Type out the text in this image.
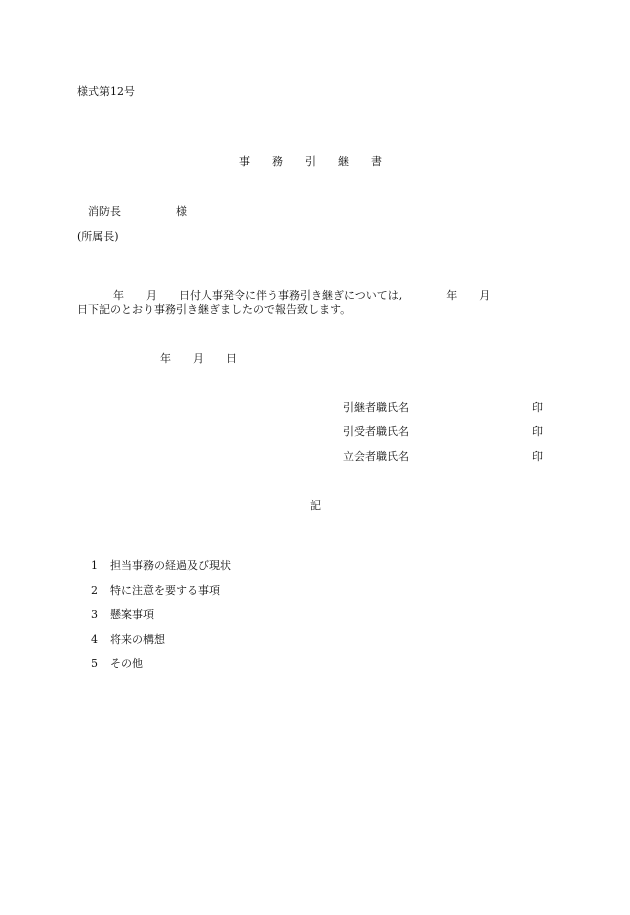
様式第12号
事　　務　　引　　継　　書
消防長　　　　　様
(所属長)

　　年　　月　　日付人事発令に伴う事務引き継ぎについては,　　　　年　　月

日下記のとおり事務引き継ぎましたので報告致します。
年　　月　　日
引継者職氏名	印
引受者職氏名	印
立会者職氏名	印
記

1 担当事務の経過及び現状

2 特に注意を要する事項

3 懸案事項

4 将来の構想

5 その他
